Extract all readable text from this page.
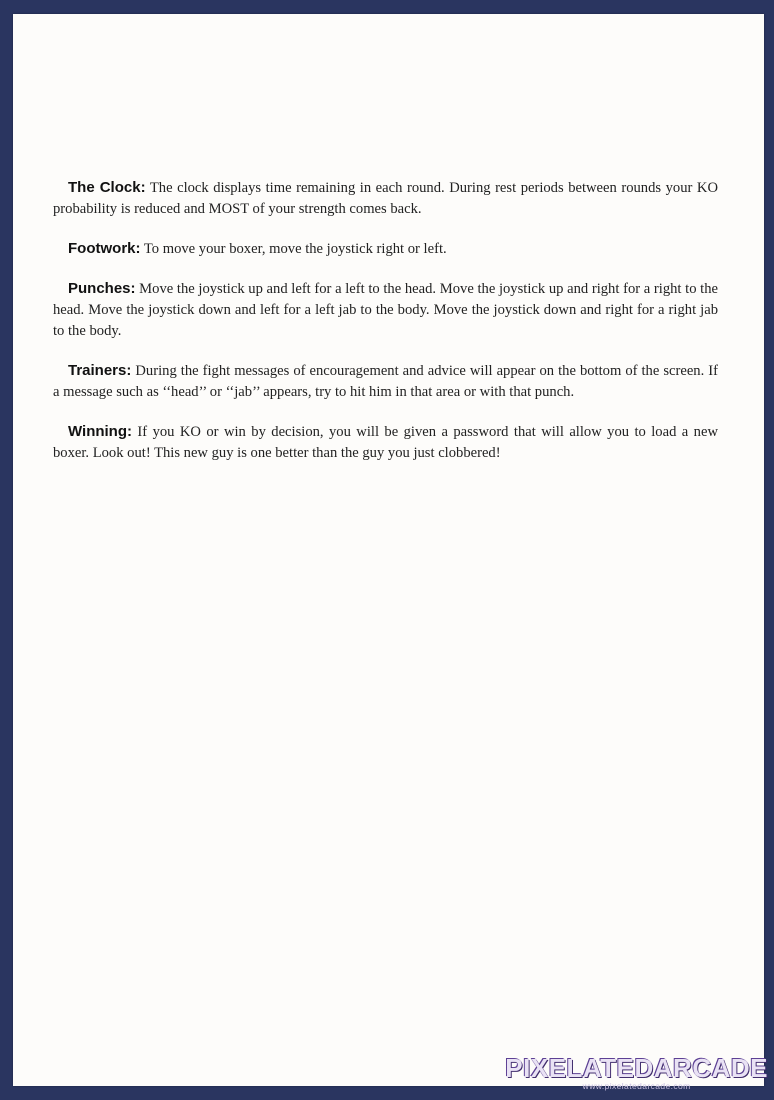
The Clock: The clock displays time remaining in each round. During rest periods between rounds your KO probability is reduced and MOST of your strength comes back.

Footwork: To move your boxer, move the joystick right or left.

Punches: Move the joystick up and left for a left to the head. Move the joystick up and right for a right to the head. Move the joystick down and left for a left jab to the body. Move the joystick down and right for a right jab to the body.

Trainers: During the fight messages of encouragement and advice will appear on the bottom of the screen. If a message such as ‘‘head’’ or ‘‘jab’’ appears, try to hit him in that area or with that punch.

Winning: If you KO or win by decision, you will be given a password that will allow you to load a new boxer. Look out! This new guy is one better than the guy you just clobbered!

PIXELATEDARCADE
www.pixelatedarcade.com
